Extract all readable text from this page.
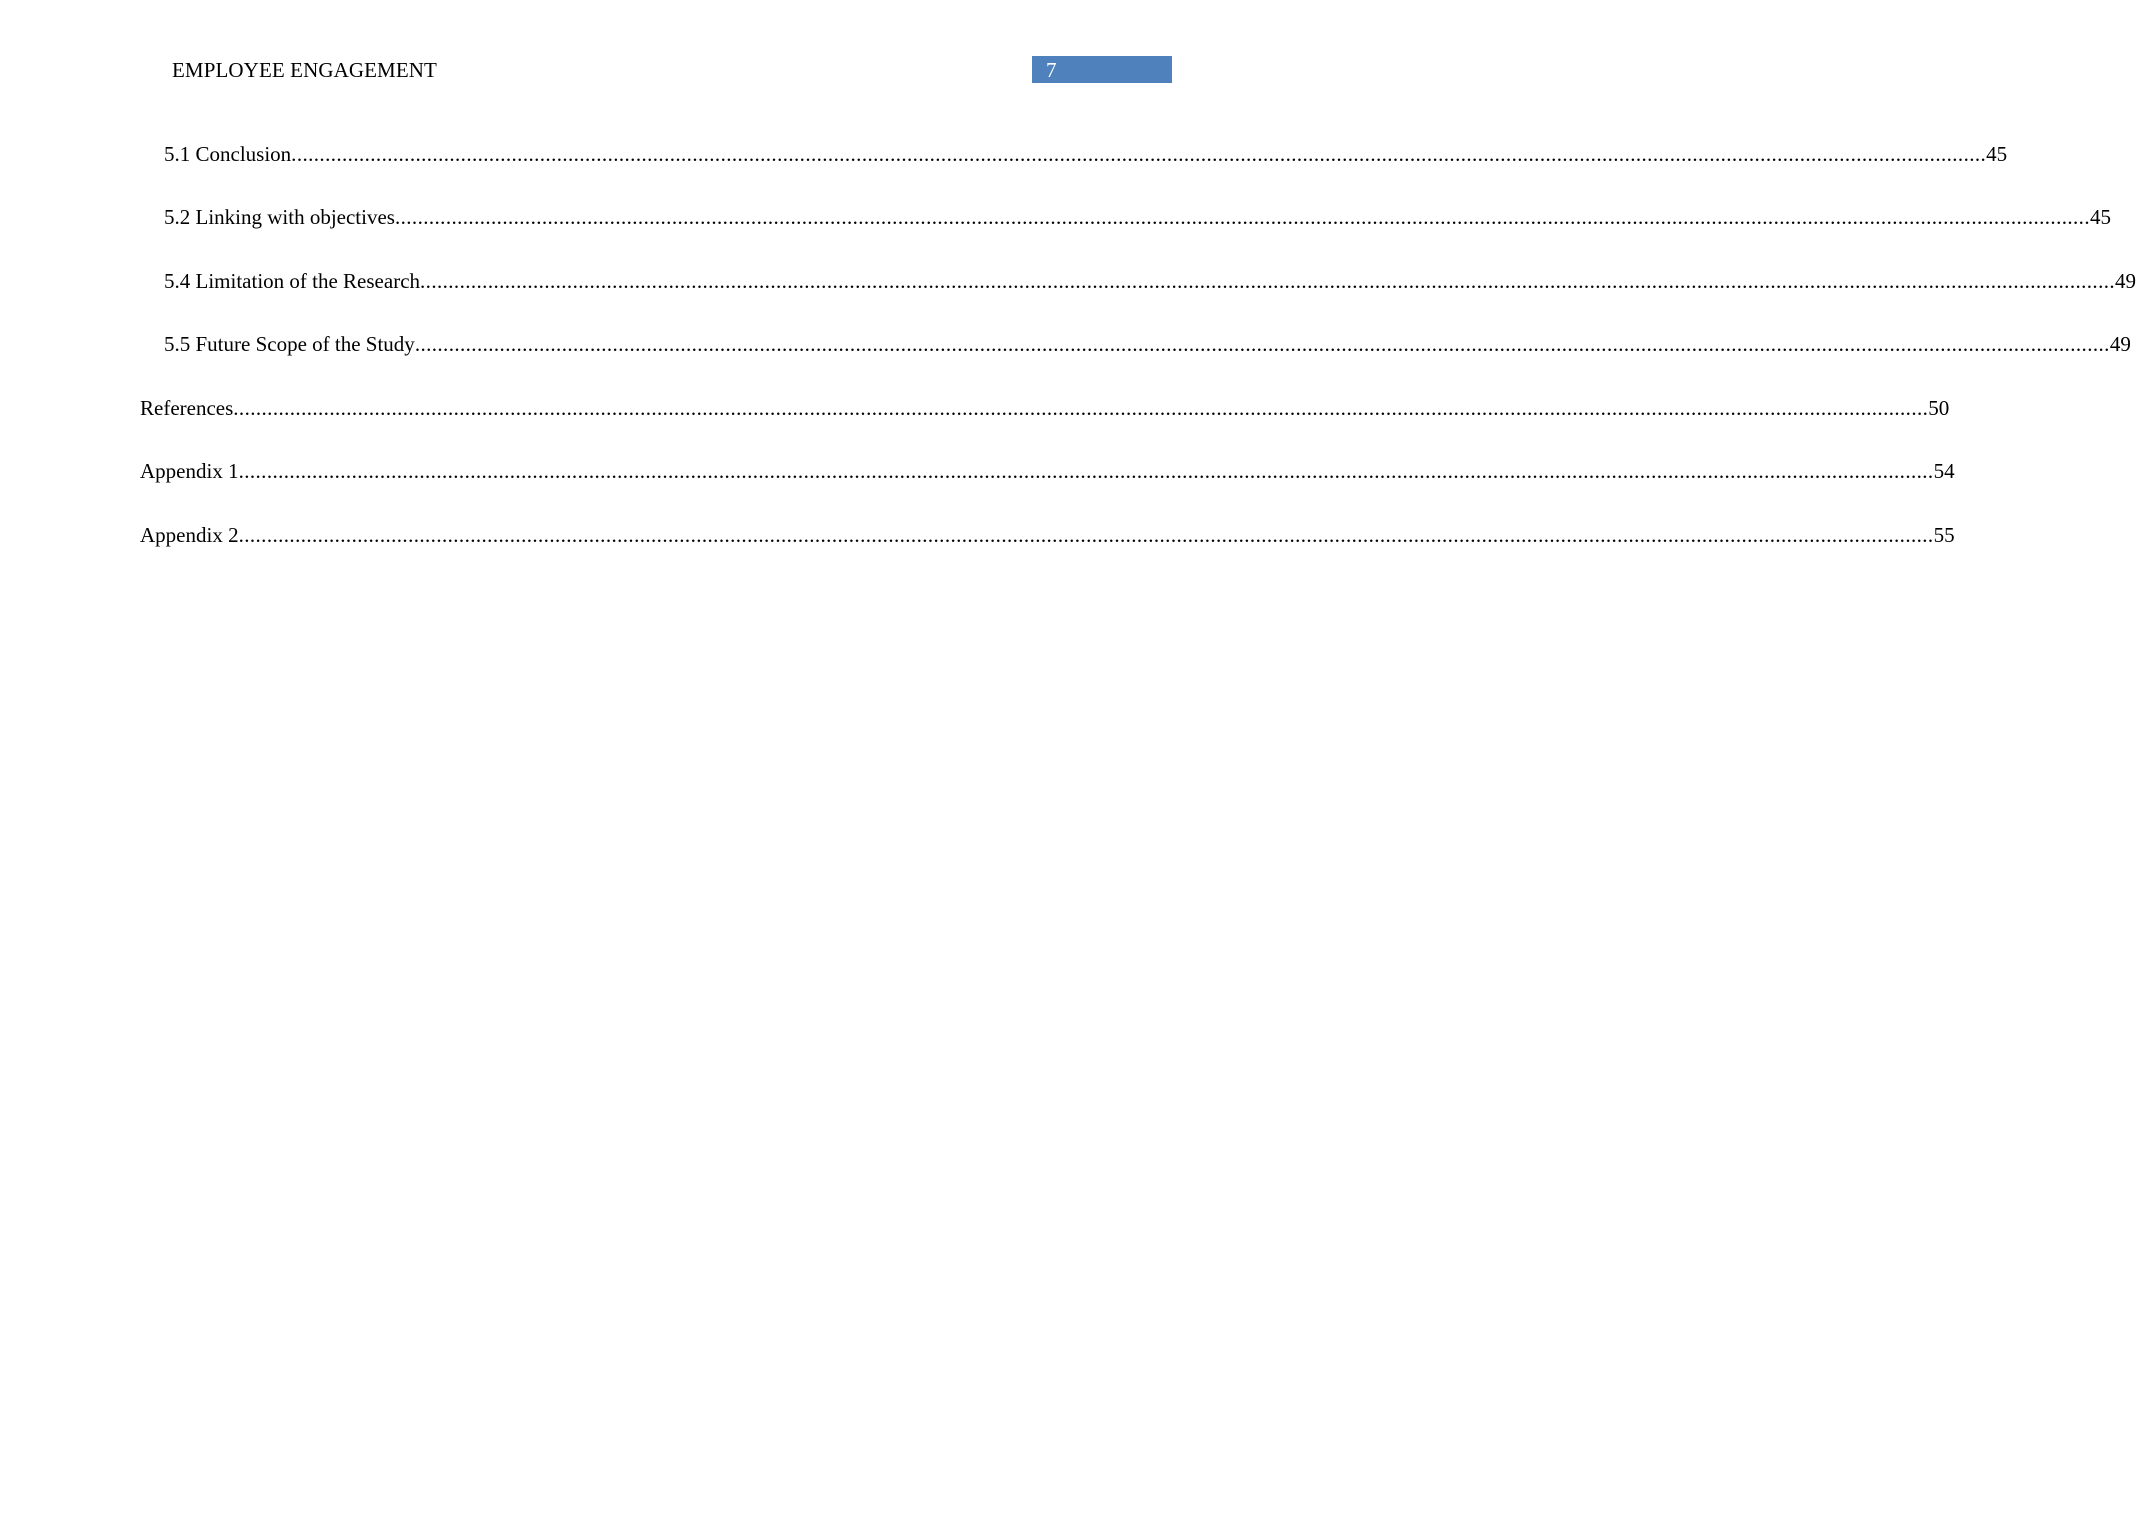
EMPLOYEE ENGAGEMENT	7
5.1 Conclusion ............................................................................................................................................................................................................................................................................................................ 45
5.2 Linking with objectives ............................................................................................................................................................................................................................................................................................................ 45
5.4 Limitation of the Research ............................................................................................................................................................................................................................................................................................................ 49
5.5 Future Scope of the Study ............................................................................................................................................................................................................................................................................................................ 49
References ............................................................................................................................................................................................................................................................................................................ 50
Appendix 1 ............................................................................................................................................................................................................................................................................................................ 54
Appendix 2 ............................................................................................................................................................................................................................................................................................................ 55
